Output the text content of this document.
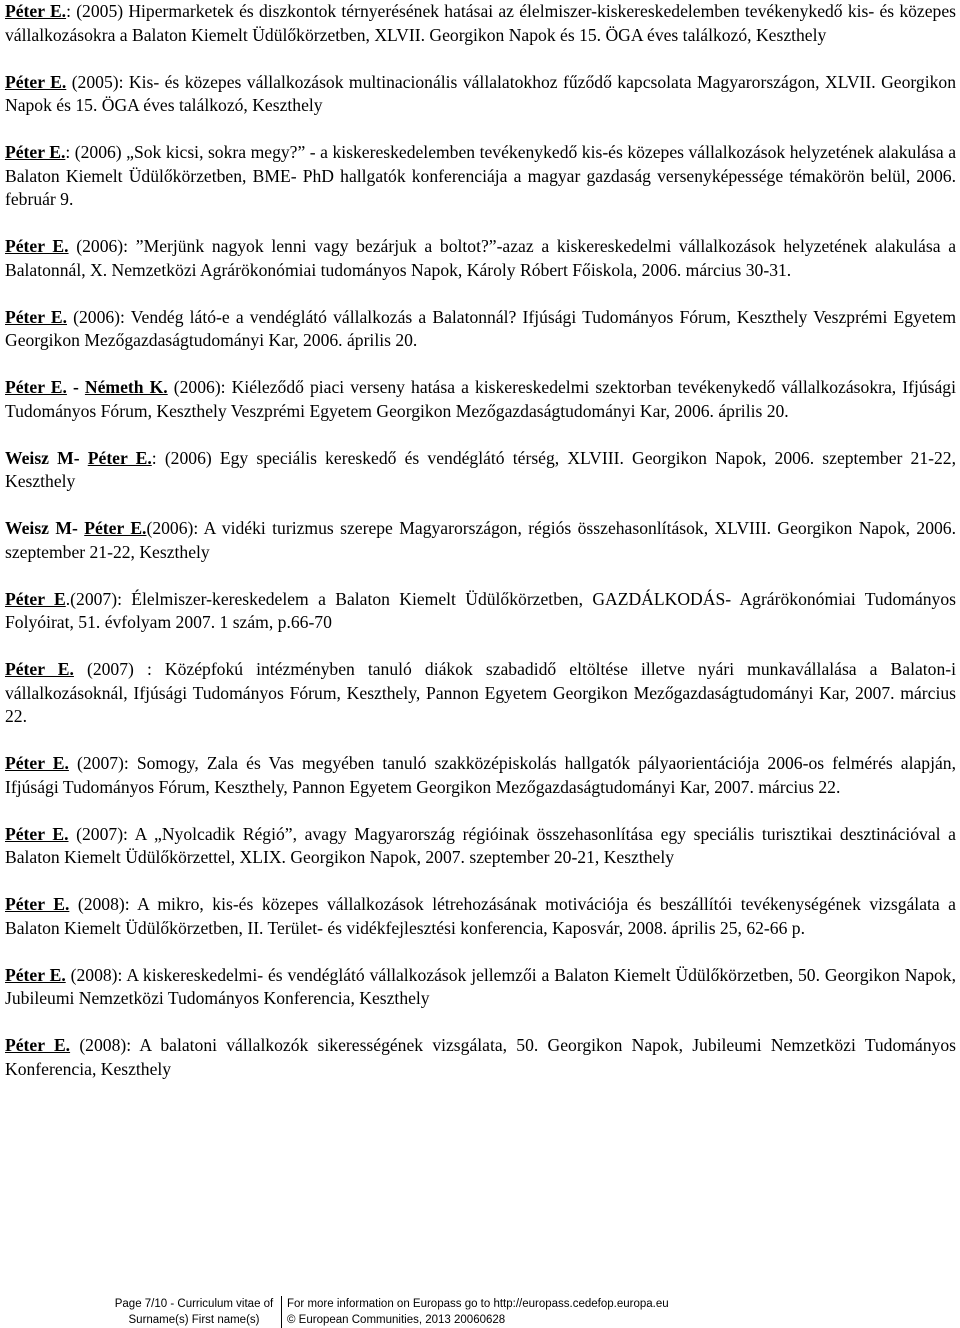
Péter E.: (2005) Hipermarketek és diszkontok térnyerésének hatásai az élelmiszer-kiskereskedelemben tevékenykedő kis- és közepes vállalkozásokra a Balaton Kiemelt Üdülőkörzetben, XLVII. Georgikon Napok és 15. ÖGA éves találkozó, Keszthely

Péter E. (2005): Kis- és közepes vállalkozások multinacionális vállalatokhoz fűződő kapcsolata Magyarországon, XLVII. Georgikon Napok és 15. ÖGA éves találkozó, Keszthely

Péter E.: (2006) „Sok kicsi, sokra megy?” - a kiskereskedelemben tevékenykedő kis-és közepes vállalkozások helyzetének alakulása a Balaton Kiemelt Üdülőkörzetben, BME- PhD hallgatók konferenciája a magyar gazdaság versenyképessége témakörön belül, 2006. február 9.

Péter E. (2006): ”Merjünk nagyok lenni vagy bezárjuk a boltot?”-azaz a kiskereskedelmi vállalkozások helyzetének alakulása a Balatonnál, X. Nemzetközi Agrárökonómiai tudományos Napok, Károly Róbert Főiskola, 2006. március 30-31.

Péter E. (2006): Vendég látó-e a vendéglátó vállalkozás a Balatonnál? Ifjúsági Tudományos Fórum, Keszthely Veszprémi Egyetem Georgikon Mezőgazdaságtudományi Kar, 2006. április 20.

Péter E. - Németh K. (2006): Kiéleződő piaci verseny hatása a kiskereskedelmi szektorban tevékenykedő vállalkozásokra, Ifjúsági Tudományos Fórum, Keszthely Veszprémi Egyetem Georgikon Mezőgazdaságtudományi Kar, 2006. április 20.

Weisz M- Péter E.: (2006) Egy speciális kereskedő és vendéglátó térség, XLVIII. Georgikon Napok, 2006. szeptember 21-22, Keszthely

Weisz M- Péter E.(2006): A vidéki turizmus szerepe Magyarországon, régiós összehasonlítások, XLVIII. Georgikon Napok, 2006. szeptember 21-22, Keszthely

Péter E.(2007): Élelmiszer-kereskedelem a Balaton Kiemelt Üdülőkörzetben, GAZDÁLKODÁS- Agrárökonómiai Tudományos Folyóirat, 51. évfolyam 2007. 1 szám, p.66-70

Péter E. (2007) : Középfokú intézményben tanuló diákok szabadidő eltöltése illetve nyári munkavállalása a Balaton-i vállalkozásoknál, Ifjúsági Tudományos Fórum, Keszthely, Pannon Egyetem Georgikon Mezőgazdaságtudományi Kar, 2007. március 22.

Péter E. (2007): Somogy, Zala és Vas megyében tanuló szakközépiskolás hallgatók pályaorientációja 2006-os felmérés alapján, Ifjúsági Tudományos Fórum, Keszthely, Pannon Egyetem Georgikon Mezőgazdaságtudományi Kar, 2007. március 22.

Péter E. (2007): A „Nyolcadik Régió”, avagy Magyarország régióinak összehasonlítása egy speciális turisztikai desztinációval a Balaton Kiemelt Üdülőkörzettel, XLIX. Georgikon Napok, 2007. szeptember 20-21, Keszthely

Péter E. (2008): A mikro, kis-és közepes vállalkozások létrehozásának motivációja és beszállítói tevékenységének vizsgálata a Balaton Kiemelt Üdülőkörzetben, II. Terület- és vidékfejlesztési konferencia, Kaposvár, 2008. április 25, 62-66 p.

Péter E. (2008): A kiskereskedelmi- és vendéglátó vállalkozások jellemzői a Balaton Kiemelt Üdülőkörzetben, 50. Georgikon Napok, Jubileumi Nemzetközi Tudományos Konferencia, Keszthely

Péter E. (2008): A balatoni vállalkozók sikerességének vizsgálata, 50. Georgikon Napok, Jubileumi Nemzetközi Tudományos Konferencia, Keszthely

Page 7/10 - Curriculum vitae of
Surname(s) First name(s)
For more information on Europass go to http://europass.cedefop.europa.eu
© European Communities, 2013 20060628
